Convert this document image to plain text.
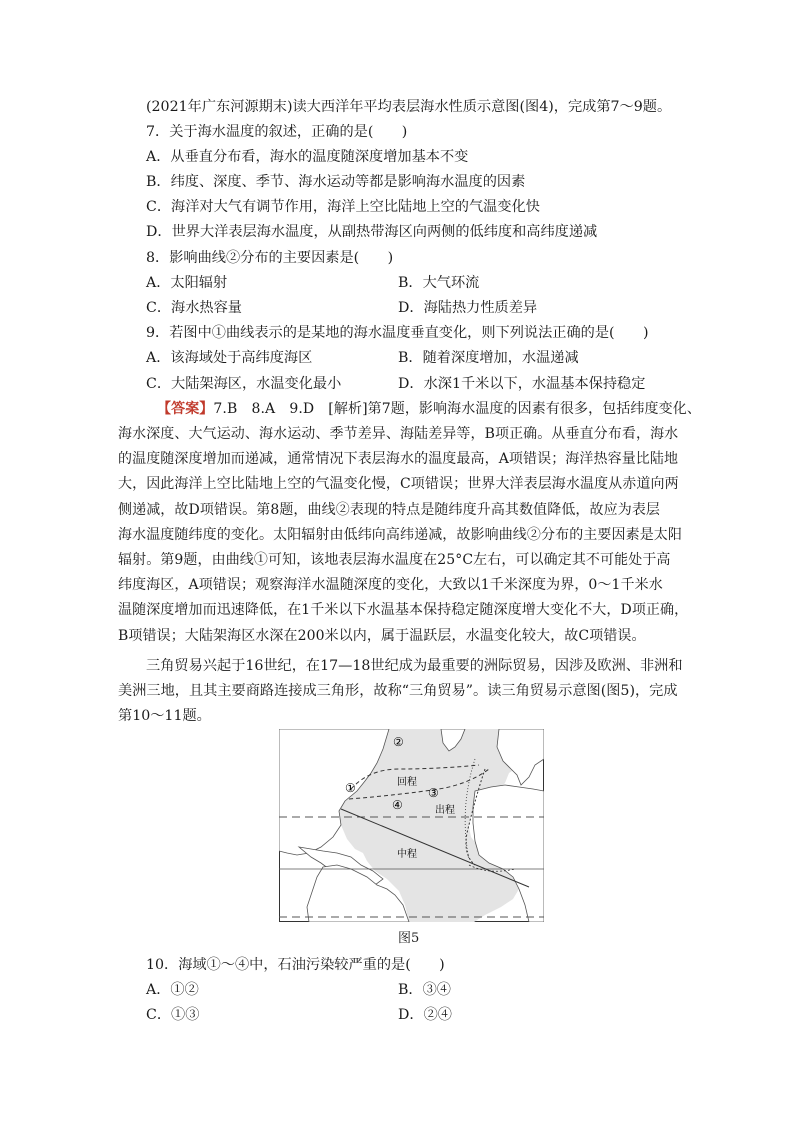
(2021年广东河源期末)读大西洋年平均表层海水性质示意图(图4)，完成第7～9题。
7．关于海水温度的叙述，正确的是(　　)
A．从垂直分布看，海水的温度随深度增加基本不变
B．纬度、深度、季节、海水运动等都是影响海水温度的因素
C．海洋对大气有调节作用，海洋上空比陆地上空的气温变化快
D．世界大洋表层海水温度，从副热带海区向两侧的低纬度和高纬度递减
8．影响曲线②分布的主要因素是(　　)
A．太阳辐射	B．大气环流
C．海水热容量	D．海陆热力性质差异
9．若图中①曲线表示的是某地的海水温度垂直变化，则下列说法正确的是(　　)
A．该海域处于高纬度海区	B．随着深度增加，水温递减
C．大陆架海区，水温变化最小	D．水深1千米以下，水温基本保持稳定
【答案】7.B　8.A　9.D　[解析]第7题，影响海水温度的因素有很多，包括纬度变化、
海水深度、大气运动、海水运动、季节差异、海陆差异等，B项正确。从垂直分布看，海水
的温度随深度增加而递减，通常情况下表层海水的温度最高，A项错误；海洋热容量比陆地
大，因此海洋上空比陆地上空的气温变化慢，C项错误；世界大洋表层海水温度从赤道向两
侧递减，故D项错误。第8题，曲线②表现的特点是随纬度升高其数值降低，故应为表层
海水温度随纬度的变化。太阳辐射由低纬向高纬递减，故影响曲线②分布的主要因素是太阳
辐射。第9题，由曲线①可知，该地表层海水温度在25°C左右，可以确定其不可能处于高
纬度海区，A项错误；观察海洋水温随深度的变化，大致以1千米深度为界，0～1千米水
温随深度增加而迅速降低，在1千米以下水温基本保持稳定随深度增大变化不大，D项正确，
B项错误；大陆架海区水深在200米以内，属于温跃层，水温变化较大，故C项错误。
三角贸易兴起于16世纪，在17—18世纪成为最重要的洲际贸易，因涉及欧洲、非洲和
美洲三地，且其主要商路连接成三角形，故称“三角贸易”。读三角贸易示意图(图5)，完成
第10～11题。
①
②
③
④
回程
出程
中程
图5
10．海域①～④中，石油污染较严重的是(　　)
A．①②	B．③④
C．①③	D．②④
